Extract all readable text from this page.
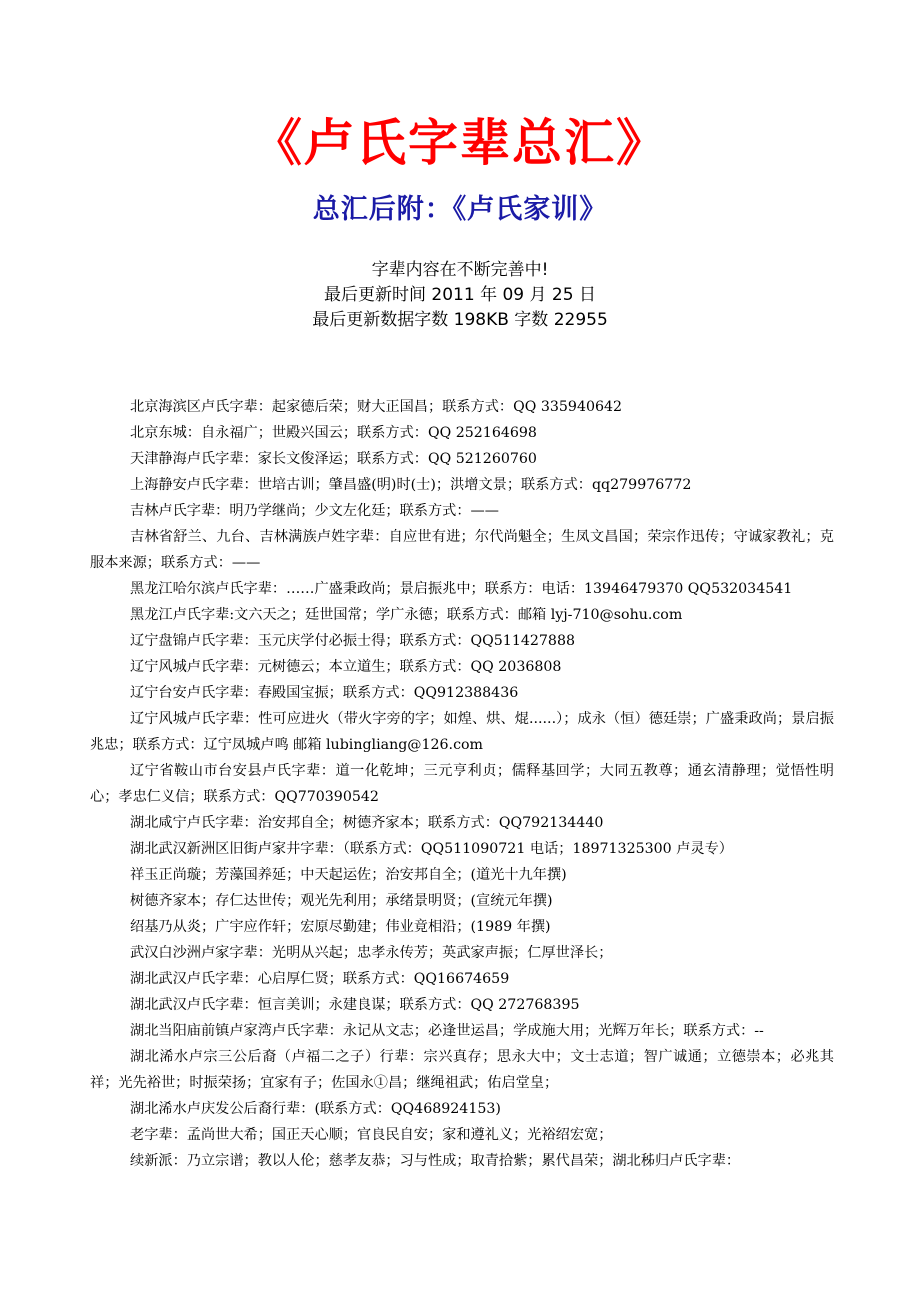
《卢氏字辈总汇》
总汇后附：《卢氏家训》
字辈内容在不断完善中!
最后更新时间 2011 年 09 月 25 日
最后更新数据字数 198KB 字数 22955

北京海滨区卢氏字辈：起家德后荣；财大正国昌；联系方式：QQ 335940642

北京东城：自永福广；世殿兴国云；联系方式：QQ 252164698

天津静海卢氏字辈：家长文俊泽运；联系方式：QQ 521260760

上海静安卢氏字辈：世培古训；肇昌盛(明)时(士)；洪增文景；联系方式：qq279976772

吉林卢氏字辈：明乃学继尚；少文左化廷；联系方式：——

吉林省舒兰、九台、吉林满族卢姓字辈：自应世有进；尔代尚魁全；生凤文昌国；荣宗作迅传；守诚家教礼；克服本来源；联系方式：——

黑龙江哈尔滨卢氏字辈：……广盛秉政尚；景启振兆中；联系方：电话：13946479370 QQ532034541

黑龙江卢氏字辈:文六天之；廷世国常；学广永德；联系方式：邮箱 lyj-710@sohu.com

辽宁盘锦卢氏字辈：玉元庆学付必振士得；联系方式：QQ511427888

辽宁风城卢氏字辈：元树德云；本立道生；联系方式：QQ 2036808

辽宁台安卢氏字辈：春殿国宝振；联系方式：QQ912388436

辽宁风城卢氏字辈：性可应进火（带火字旁的字；如煌、烘、焜......）；成永（恒）德廷崇；广盛秉政尚；景启振兆忠；联系方式：辽宁凤城卢鸣 邮箱 lubingliang@126.com

辽宁省鞍山市台安县卢氏字辈：道一化乾坤；三元亨利贞；儒释基回学；大同五教尊；通玄清静理；觉悟性明心；孝忠仁义信；联系方式：QQ770390542

湖北咸宁卢氏字辈：治安邦自全；树德齐家本；联系方式：QQ792134440

湖北武汉新洲区旧街卢家井字辈：（联系方式：QQ511090721 电话；18971325300 卢灵专）

祥玉正尚璇；芳藻国养延；中天起运佐；治安邦自全；(道光十九年撰)

树德齐家本；存仁达世传；观光先利用；承绪景明贤；(宣统元年撰)

绍基乃从炎；广宇应作轩；宏原尽勤建；伟业竟相沿；(1989 年撰)

武汉白沙洲卢家字辈：光明从兴起；忠孝永传芳；英武家声振；仁厚世泽长；

湖北武汉卢氏字辈：心启厚仁贤；联系方式：QQ16674659

湖北武汉卢氏字辈：恒言美训；永建良谋；联系方式：QQ 272768395

湖北当阳庙前镇卢家湾卢氏字辈：永记从文志；必逢世运昌；学成施大用；光辉万年长；联系方式：--

湖北浠水卢宗三公后裔（卢福二之子）行辈：宗兴真存；思永大中；文士志道；智广诚通；立德崇本；必兆其祥；光先裕世；时振荣扬；宜家有子；佐国永①昌；继绳祖武；佑启堂皇；

湖北浠水卢庆发公后裔行辈：(联系方式：QQ468924153)

老字辈：孟尚世大希；国正天心顺；官良民自安；家和遵礼义；光裕绍宏宽；

续新派：乃立宗谱；教以人伦；慈孝友恭；习与性成；取青拾紫；累代昌荣；湖北秭归卢氏字辈：
